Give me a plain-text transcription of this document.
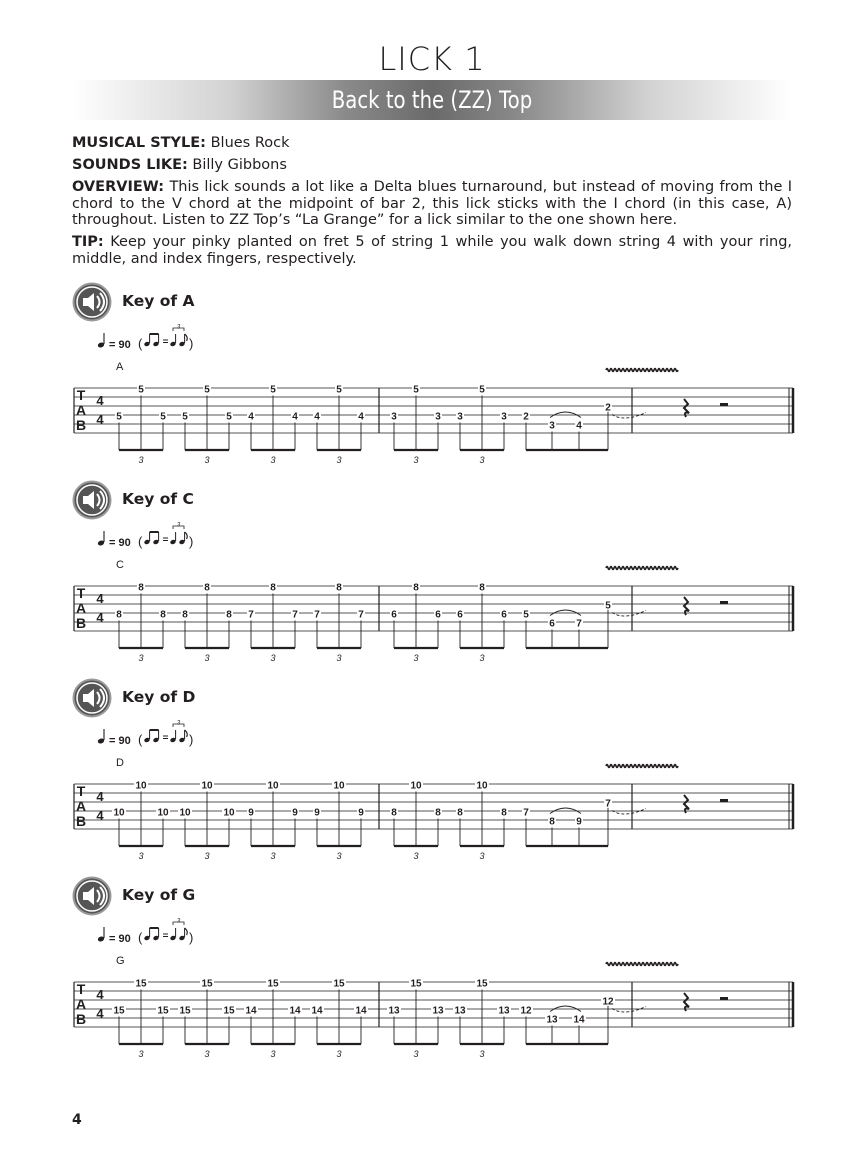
LICK 1
Back to the (ZZ) Top
MUSICAL STYLE: Blues Rock
SOUNDS LIKE: Billy Gibbons
OVERVIEW: This lick sounds a lot like a Delta blues turnaround, but instead of moving from the I chord to the V chord at the midpoint of bar 2, this lick sticks with the I chord (in this case, A) throughout. Listen to ZZ Top’s “La Grange” for a lick similar to the one shown here.
TIP: Keep your pinky planted on fret 5 of string 1 while you walk down string 4 with your ring, middle, and index fingers, respectively.
Key of A
= 90 (
3
)
A
T
A
B
4
4 5
5
5
3
5
5
5
3
4
5
4
3
4
5
4
3
3
5
3
3
3
5
3
3
2
3 4
2
Key of C
= 90 (
3
)
C
T
A
B
4
4 8
8
8
3
8
8
8
3
7
8
7
3
7
8
7
3
6
8
6
3
6
8
6
3
5
6 7
5
Key of D
= 90 (
3
)
D
T
A
B
4
4 10
10
10
3
10
10
10
3
9
10
9
3
9
10
9
3
8
10
8
3
8
10
8
3
7
8 9
7
Key of G
= 90 (
3
)
G
T
A
B
4
4 15
15
15
3
15
15
15
3
14
15
14
3
14
15
14
3
13
15
13
3
13
15
13
3
12
13 14
12
4
